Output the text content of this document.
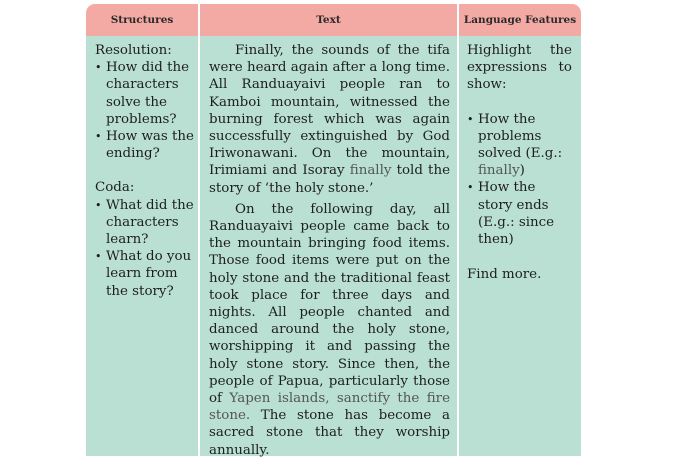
Structures	Text	Language Features
Resolution:
• How did the characters solve the problems?
• How was the ending?
Coda:
• What did the characters learn?
• What do you learn from the story?

Finally, the sounds of the tifa were heard again after a long time. All Randuayaivi people ran to Kamboi mountain, witnessed the burning forest which was again successfully extinguished by God Iriwonawani. On the mountain, Irimiami and Isoray finally told the story of ‘the holy stone.’

On the following day, all Randuayaivi people came back to the mountain bringing food items. Those food items were put on the holy stone and the traditional feast took place for three days and nights. All people chanted and danced around the holy stone, worshipping it and passing the holy stone story. Since then, the people of Papua, particularly those of Yapen islands, sanctify the fire stone. The stone has become a sacred stone that they worship annually.

Highlight the expressions to show:

• How the problems solved (E.g.: finally)
• How the story ends (E.g.: since then)
Find more.
